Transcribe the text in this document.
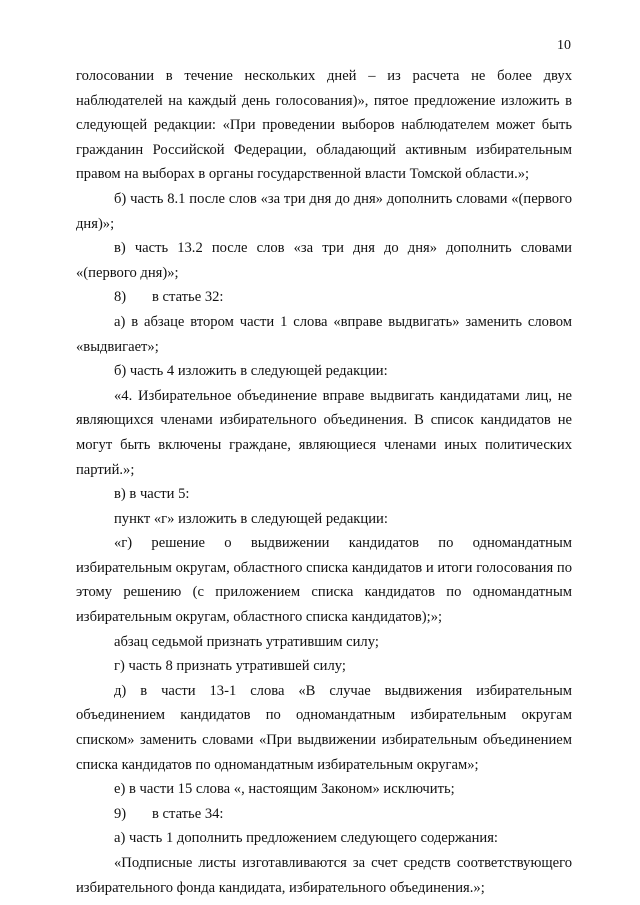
10

голосовании в течение нескольких дней – из расчета не более двух наблюдателей на каждый день голосования)», пятое предложение изложить в следующей редакции: «При проведении выборов наблюдателем может быть гражданин Российской Федерации, обладающий активным избирательным правом на выборах в органы государственной власти Томской области.»;

б) часть 8.1 после слов «за три дня до дня» дополнить словами «(первого дня)»;

в) часть 13.2 после слов «за три дня до дня» дополнить словами «(первого дня)»;

8)	в статье 32:

а) в абзаце втором части 1 слова «вправе выдвигать» заменить словом «выдвигает»;

б) часть 4 изложить в следующей редакции:

«4. Избирательное объединение вправе выдвигать кандидатами лиц, не являющихся членами избирательного объединения. В список кандидатов не могут быть включены граждане, являющиеся членами иных политических партий.»;

в) в части 5:

пункт «г» изложить в следующей редакции:

«г) решение о выдвижении кандидатов по одномандатным избирательным округам, областного списка кандидатов и итоги голосования по этому решению (с приложением списка кандидатов по одномандатным избирательным округам, областного списка кандидатов);»;

абзац седьмой признать утратившим силу;

г) часть 8 признать утратившей силу;

д) в части 13-1 слова «В случае выдвижения избирательным объединением кандидатов по одномандатным избирательным округам списком» заменить словами «При выдвижении избирательным объединением списка кандидатов по одномандатным избирательным округам»;

е) в части 15 слова «, настоящим Законом» исключить;

9)	в статье 34:

а) часть 1 дополнить предложением следующего содержания:

«Подписные листы изготавливаются за счет средств соответствующего избирательного фонда кандидата, избирательного объединения.»;
